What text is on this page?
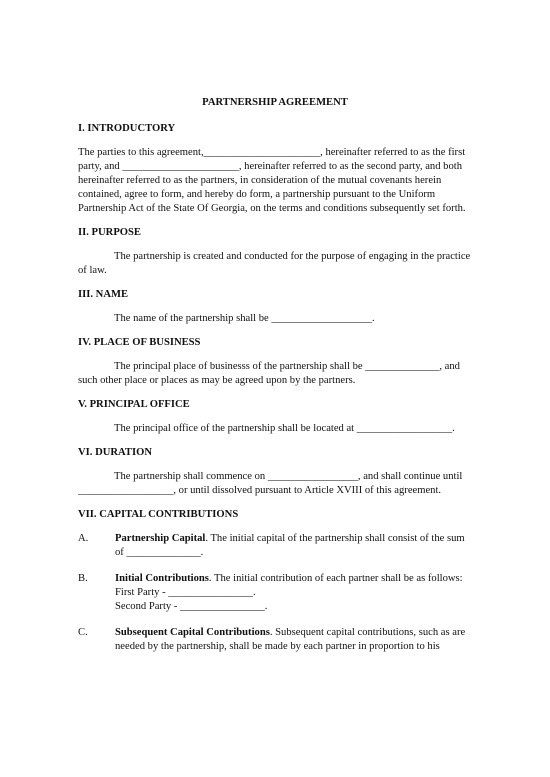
PARTNERSHIP AGREEMENT
I. INTRODUCTORY
The parties to this agreement,______________________, hereinafter referred to as the first party, and ______________________, hereinafter referred to as the second party, and both hereinafter referred to as the partners, in consideration of the mutual covenants herein contained, agree to form, and hereby do form, a partnership pursuant to the Uniform Partnership Act of the State Of Georgia, on the terms and conditions subsequently set forth.
II. PURPOSE
The partnership is created and conducted for the purpose of engaging in the practice of law.
III. NAME
The name of the partnership shall be ___________________.
IV. PLACE OF BUSINESS
The principal place of businesss of the partnership shall be ______________, and such other place or places as may be agreed upon by the partners.
V. PRINCIPAL OFFICE
The principal office of the partnership shall be located at __________________.
VI. DURATION
The partnership shall commence on _________________, and shall continue until __________________, or until dissolved pursuant to Article XVIII of this agreement.
VII. CAPITAL CONTRIBUTIONS
A.	Partnership Capital. The initial capital of the partnership shall consist of the sum of ______________.
B.	Initial Contributions. The initial contribution of each partner shall be as follows:
First Party - ________________.
Second Party - ________________.
C.	Subsequent Capital Contributions. Subsequent capital contributions, such as are needed by the partnership, shall be made by each partner in proportion to his
